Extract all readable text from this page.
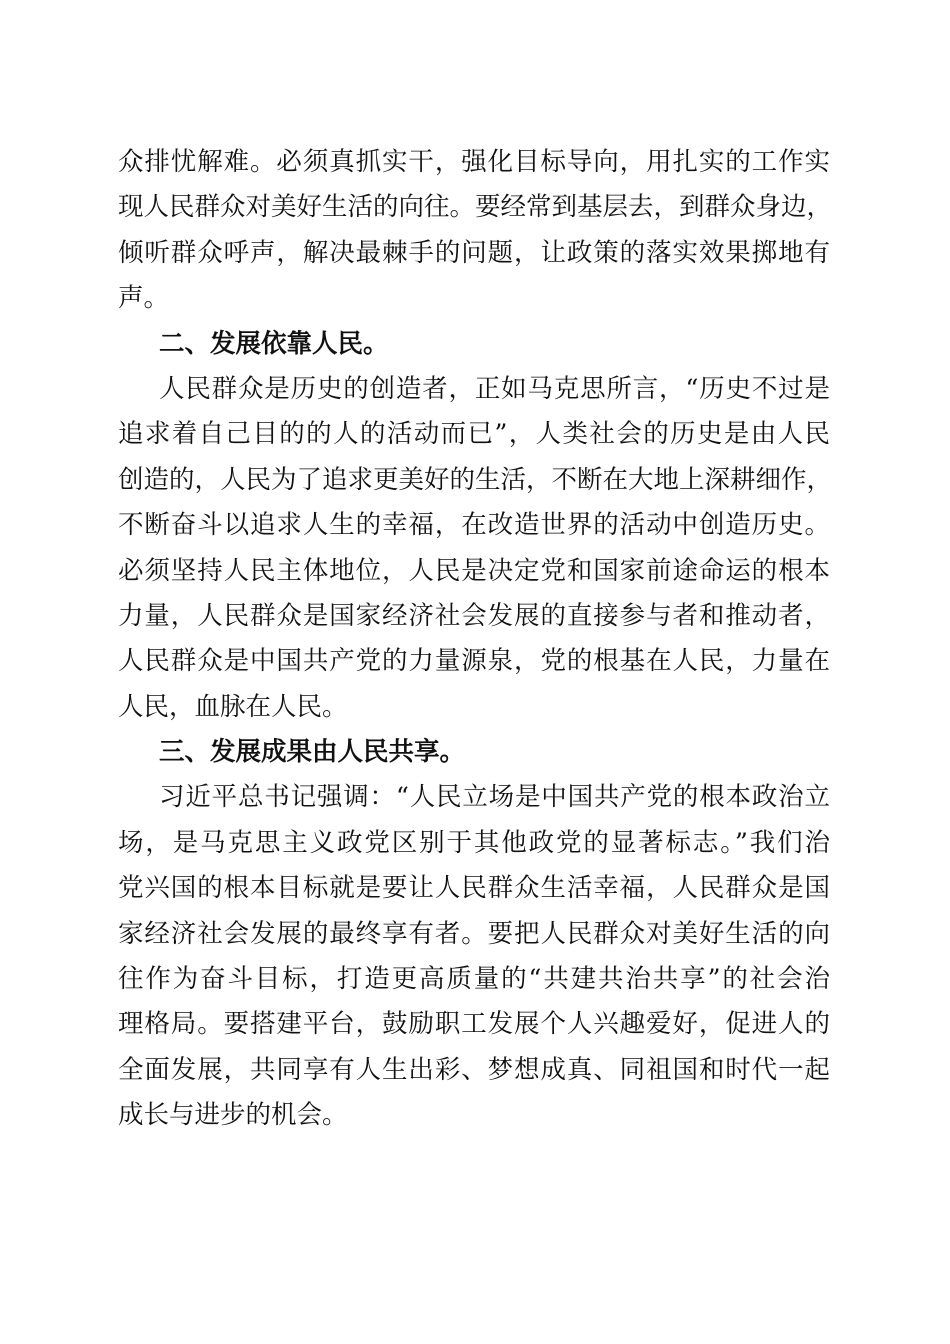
众排忧解难。必须真抓实干，强化目标导向，用扎实的工作实
现人民群众对美好生活的向往。要经常到基层去，到群众身边，
倾听群众呼声，解决最棘手的问题，让政策的落实效果掷地有
声。
二、发展依靠人民。
人民群众是历史的创造者，正如马克思所言，“历史不过是
追求着自己目的的人的活动而已”，人类社会的历史是由人民
创造的，人民为了追求更美好的生活，不断在大地上深耕细作，
不断奋斗以追求人生的幸福，在改造世界的活动中创造历史。
必须坚持人民主体地位，人民是决定党和国家前途命运的根本
力量，人民群众是国家经济社会发展的直接参与者和推动者，
人民群众是中国共产党的力量源泉，党的根基在人民，力量在
人民，血脉在人民。
三、发展成果由人民共享。
习近平总书记强调：“人民立场是中国共产党的根本政治立
场，是马克思主义政党区别于其他政党的显著标志。”我们治
党兴国的根本目标就是要让人民群众生活幸福，人民群众是国
家经济社会发展的最终享有者。要把人民群众对美好生活的向
往作为奋斗目标，打造更高质量的“共建共治共享”的社会治
理格局。要搭建平台，鼓励职工发展个人兴趣爱好，促进人的
全面发展，共同享有人生出彩、梦想成真、同祖国和时代一起
成长与进步的机会。
